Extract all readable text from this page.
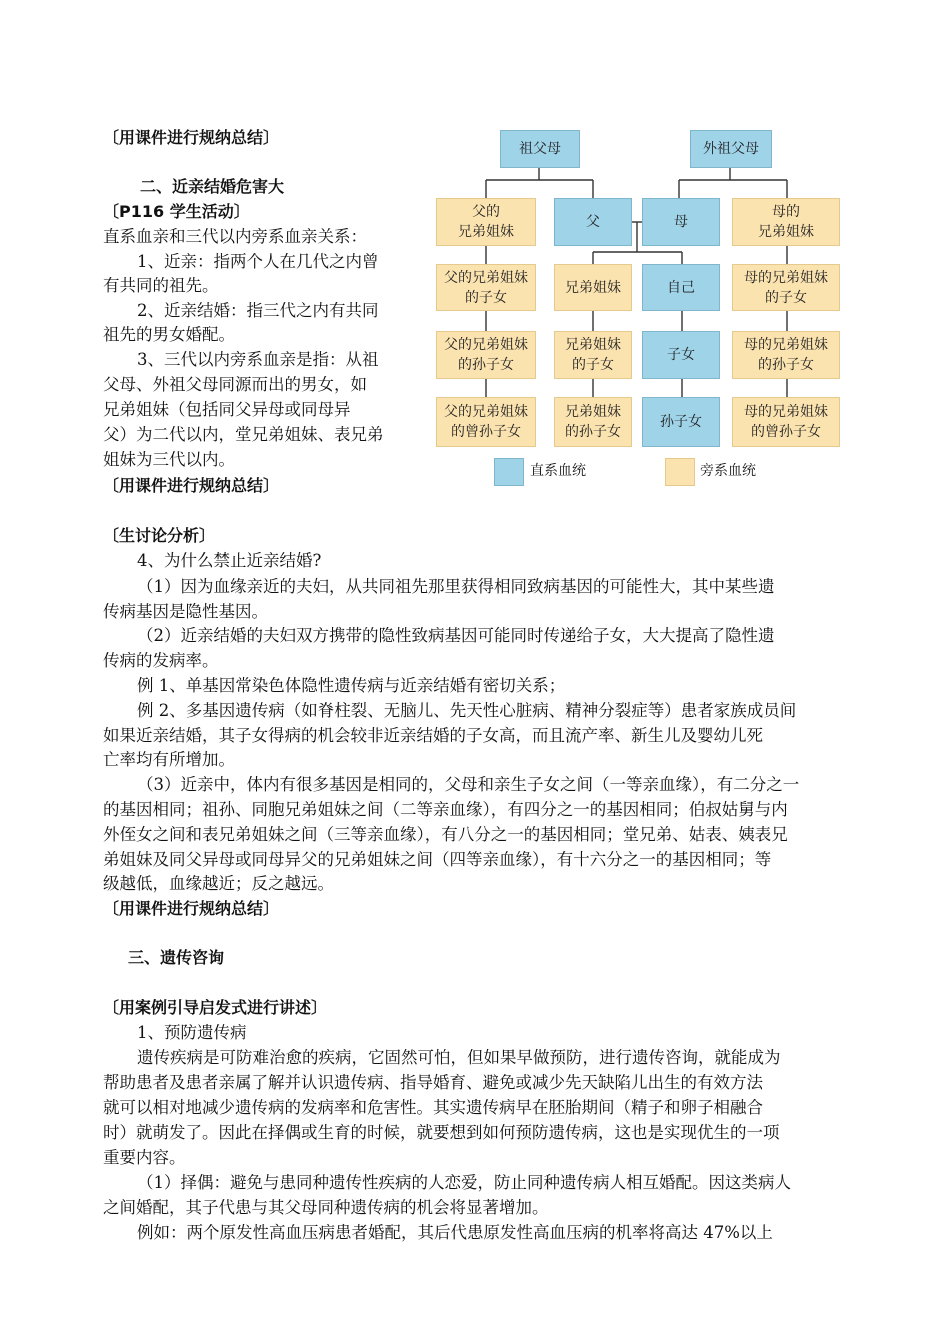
〔用课件进行规纳总结〕
二、近亲结婚危害大
〔P116 学生活动〕
直系血亲和三代以内旁系血亲关系：
1、近亲：指两个人在几代之内曾
有共同的祖先。
2、近亲结婚：指三代之内有共同
祖先的男女婚配。
3、三代以内旁系血亲是指：从祖
父母、外祖父母同源而出的男女，如
兄弟姐妹（包括同父异母或同母异
父）为二代以内，堂兄弟姐妹、表兄弟
姐妹为三代以内。
〔用课件进行规纳总结〕
祖父母	外祖父母
父的
兄弟姐妹
父	母
母的
兄弟姐妹
父的兄弟姐妹
的子女
兄弟姐妹	自己
母的兄弟姐妹
的子女
父的兄弟姐妹
的孙子女
兄弟姐妹
的子女
子女
母的兄弟姐妹
的孙子女
父的兄弟姐妹
的曾孙子女
兄弟姐妹
的孙子女
孙子女
母的兄弟姐妹
的曾孙子女
直系血统	旁系血统
〔生讨论分析〕
4、为什么禁止近亲结婚?
（1）因为血缘亲近的夫妇，从共同祖先那里获得相同致病基因的可能性大，其中某些遗
传病基因是隐性基因。
（2）近亲结婚的夫妇双方携带的隐性致病基因可能同时传递给子女，大大提高了隐性遗
传病的发病率。
例 1、单基因常染色体隐性遗传病与近亲结婚有密切关系；
例 2、多基因遗传病（如脊柱裂、无脑儿、先天性心脏病、精神分裂症等）患者家族成员间
如果近亲结婚，其子女得病的机会较非近亲结婚的子女高，而且流产率、新生儿及婴幼儿死
亡率均有所增加。
（3）近亲中，体内有很多基因是相同的，父母和亲生子女之间（一等亲血缘），有二分之一
的基因相同；祖孙、同胞兄弟姐妹之间（二等亲血缘），有四分之一的基因相同；伯叔姑舅与内
外侄女之间和表兄弟姐妹之间（三等亲血缘），有八分之一的基因相同；堂兄弟、姑表、姨表兄
弟姐妹及同父异母或同母异父的兄弟姐妹之间（四等亲血缘），有十六分之一的基因相同；等
级越低，血缘越近；反之越远。
〔用课件进行规纳总结〕
三、遗传咨询
〔用案例引导启发式进行讲述〕
1、预防遗传病
遗传疾病是可防难治愈的疾病，它固然可怕，但如果早做预防，进行遗传咨询，就能成为
帮助患者及患者亲属了解并认识遗传病、指导婚育、避免或减少先天缺陷儿出生的有效方法
就可以相对地减少遗传病的发病率和危害性。其实遗传病早在胚胎期间（精子和卵子相融合
时）就萌发了。因此在择偶或生育的时候，就要想到如何预防遗传病，这也是实现优生的一项
重要内容。
（1）择偶：避免与患同种遗传性疾病的人恋爱，防止同种遗传病人相互婚配。因这类病人
之间婚配，其子代患与其父母同种遗传病的机会将显著增加。
例如：两个原发性高血压病患者婚配，其后代患原发性高血压病的机率将高达 47%以上
